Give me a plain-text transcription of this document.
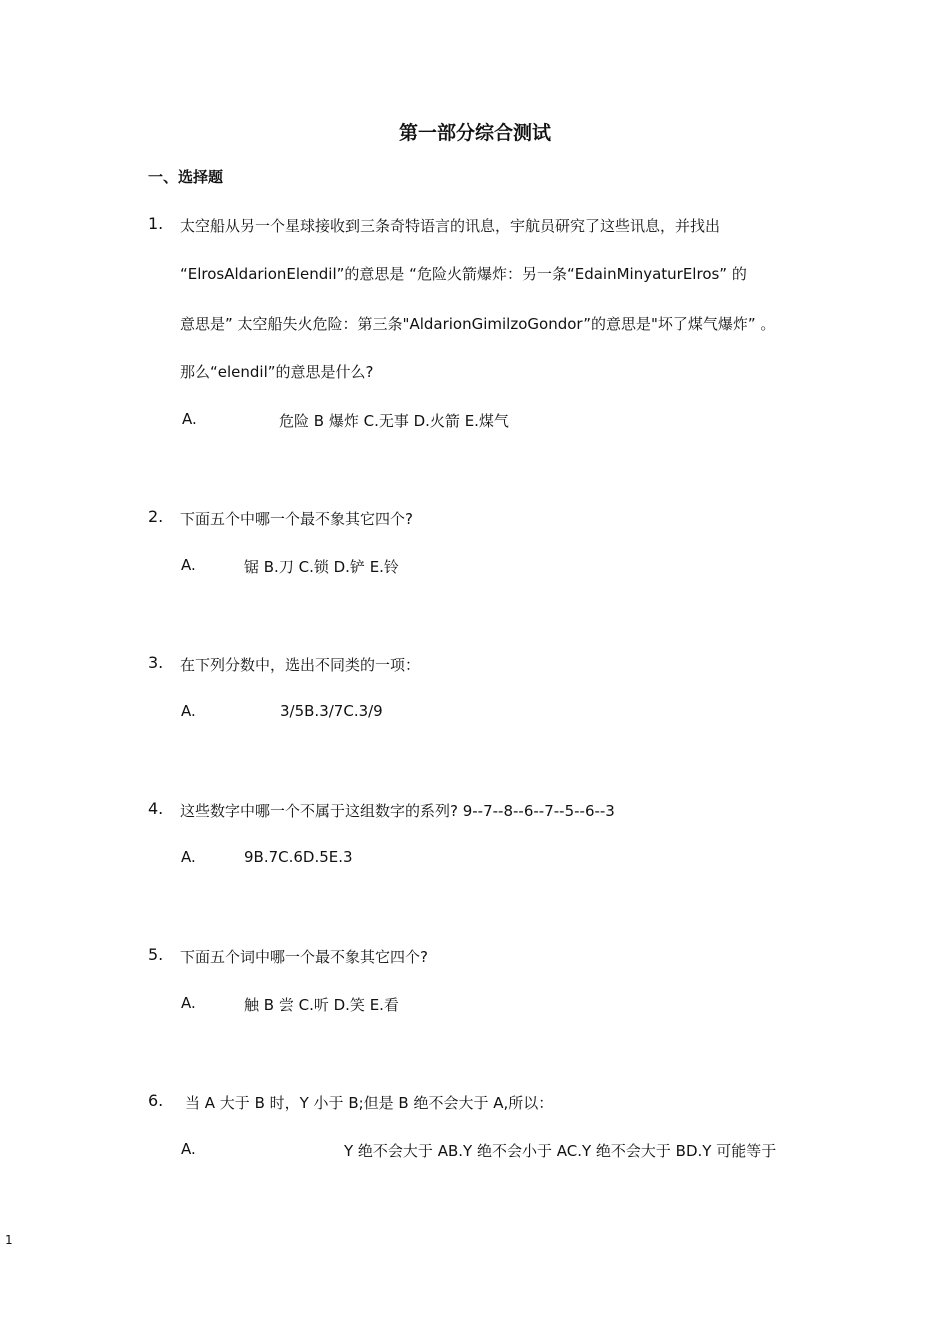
第一部分综合测试
一、选择题
1. 太空船从另一个星球接收到三条奇特语言的讯息，宇航员研究了这些讯息，并找出
“ElrosAldarionElendil”的意思是 “危险火箭爆炸：另一条“EdainMinyaturElros” 的
意思是” 太空船失火危险：第三条"AldarionGimilzoGondor”的意思是"坏了煤气爆炸” 。
那么“elendil”的意思是什么?
A.	危险 B 爆炸 C.无事 D.火箭 E.煤气
2. 下面五个中哪一个最不象其它四个?
A.	锯 B.刀 C.锁 D.铲 E.铃
3. 在下列分数中，选出不同类的一项：
A.	3/5B.3/7C.3/9
4. 这些数字中哪一个不属于这组数字的系列? 9--7--8--6--7--5--6--3
A.	9B.7C.6D.5E.3
5. 下面五个词中哪一个最不象其它四个?
A.	触 B 尝 C.听 D.笑 E.看
6. 当 A 大于 B 时，Y 小于 B;但是 B 绝不会大于 A,所以：
A.	Y 绝不会大于 AB.Y 绝不会小于 AC.Y 绝不会大于 BD.Y 可能等于
1
